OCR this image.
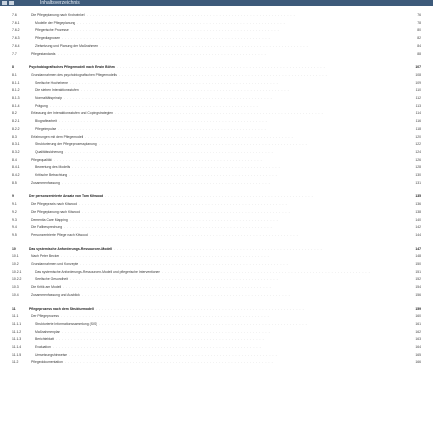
Inhaltsverzeichnis
7.6	Die Pflegeplanung nach Krohwinkel . . . . . . . . . . . . . . . . . . . . . . . . . . . . . . . . . . . . . . . . . . . . . . . . . . . . . . . . . . . . . . . . . . . .	76
7.6.1	Modelle der Pflegeplanung . . . . . . . . . . . . . . . . . . . . . . . . . . . . . . . . . . . . . . . . . . . . . . . . . . . . . . . . . . . . . . . . . . . .	78
7.6.2	Pflegerische Prozesse . . . . . . . . . . . . . . . . . . . . . . . . . . . . . . . . . . . . . . . . . . . . . . . . . . . . . . . . . . . . . . . . . . . .	80
7.6.3	Pflegediagnosen . . . . . . . . . . . . . . . . . . . . . . . . . . . . . . . . . . . . . . . . . . . . . . . . . . . . . . . . . . . . . . . . . . . .	82
7.6.4	Zielsetzung und Planung der Maßnahmen . . . . . . . . . . . . . . . . . . . . . . . . . . . . . . . . . . . . . . . . . . . . . . . . . . . . . . . . . . . . . . . . . . . .	84
7.7	Pflegestandards . . . . . . . . . . . . . . . . . . . . . . . . . . . . . . . . . . . . . . . . . . . . . . . . . . . . . . . . . . . . . . . . . . . .	88
8	Psychobiografisches Pflegemodell nach Erwin Böhm . . . . . . . . . . . . . . . . . . . . . . . . . . . . . . . . . . . . . . . . . . . . . . . . . . . . . . . . . . . . . . . . . . . .	107
8.1	Grundannahmen des psychobiografischen Pflegemodells . . . . . . . . . . . . . . . . . . . . . . . . . . . . . . . . . . . . . . . . . . . . . . . . . . . . . . . . . . . . . . . . . . . .	108
8.1.1	Seelische Hochebene . . . . . . . . . . . . . . . . . . . . . . . . . . . . . . . . . . . . . . . . . . . . . . . . . . . . . . . . . . . . . . . . . . . .	109
8.1.2	Die sieben Interaktionsstufen . . . . . . . . . . . . . . . . . . . . . . . . . . . . . . . . . . . . . . . . . . . . . . . . . . . . . . . . . . . . . . . . . . . .	110
8.1.3	Normalitätsprinzip . . . . . . . . . . . . . . . . . . . . . . . . . . . . . . . . . . . . . . . . . . . . . . . . . . . . . . . . . . . . . . . . . . . .	112
8.1.4	Prägung . . . . . . . . . . . . . . . . . . . . . . . . . . . . . . . . . . . . . . . . . . . . . . . . . . . . . . . . . . . . . . . . . . . .	113
8.2	Erfassung der Interaktionsstufen und Copingstrategien . . . . . . . . . . . . . . . . . . . . . . . . . . . . . . . . . . . . . . . . . . . . . . . . . . . . . . . . . . . . . . . . . . . .	114
8.2.1	Biografiearbeit . . . . . . . . . . . . . . . . . . . . . . . . . . . . . . . . . . . . . . . . . . . . . . . . . . . . . . . . . . . . . . . . . . . .	116
8.2.2	Pflegeimpulse . . . . . . . . . . . . . . . . . . . . . . . . . . . . . . . . . . . . . . . . . . . . . . . . . . . . . . . . . . . . . . . . . . . .	118
8.3	Erfahrungen mit dem Pflegemodell . . . . . . . . . . . . . . . . . . . . . . . . . . . . . . . . . . . . . . . . . . . . . . . . . . . . . . . . . . . . . . . . . . . .	120
8.3.1	Strukturierung der Pflegeprozessplanung . . . . . . . . . . . . . . . . . . . . . . . . . . . . . . . . . . . . . . . . . . . . . . . . . . . . . . . . . . . . . . . . . . . .	122
8.3.2	Qualitätssicherung . . . . . . . . . . . . . . . . . . . . . . . . . . . . . . . . . . . . . . . . . . . . . . . . . . . . . . . . . . . . . . . . . . . .	124
8.4	Pflegequalität . . . . . . . . . . . . . . . . . . . . . . . . . . . . . . . . . . . . . . . . . . . . . . . . . . . . . . . . . . . . . . . . . . . .	126
8.4.1	Bewertung des Modells . . . . . . . . . . . . . . . . . . . . . . . . . . . . . . . . . . . . . . . . . . . . . . . . . . . . . . . . . . . . . . . . . . . .	128
8.4.2	Kritische Betrachtung . . . . . . . . . . . . . . . . . . . . . . . . . . . . . . . . . . . . . . . . . . . . . . . . . . . . . . . . . . . . . . . . . . . .	130
8.5	Zusammenfassung . . . . . . . . . . . . . . . . . . . . . . . . . . . . . . . . . . . . . . . . . . . . . . . . . . . . . . . . . . . . . . . . . . . .	131
9	Der personzentrierte Ansatz von Tom Kitwood . . . . . . . . . . . . . . . . . . . . . . . . . . . . . . . . . . . . . . . . . . . . . . . . . . . . . . . . . . . . . . . . . . . .	135
9.1	Die Pflegepraxis nach Kitwood . . . . . . . . . . . . . . . . . . . . . . . . . . . . . . . . . . . . . . . . . . . . . . . . . . . . . . . . . . . . . . . . . . . .	136
9.2	Die Pflegeplanung nach Kitwood . . . . . . . . . . . . . . . . . . . . . . . . . . . . . . . . . . . . . . . . . . . . . . . . . . . . . . . . . . . . . . . . . . . .	138
9.3	Dementia Care Mapping . . . . . . . . . . . . . . . . . . . . . . . . . . . . . . . . . . . . . . . . . . . . . . . . . . . . . . . . . . . . . . . . . . . .	140
9.4	Die Fallbesprechung . . . . . . . . . . . . . . . . . . . . . . . . . . . . . . . . . . . . . . . . . . . . . . . . . . . . . . . . . . . . . . . . . . . .	142
9.5	Personzentrierte Pflege nach Kitwood . . . . . . . . . . . . . . . . . . . . . . . . . . . . . . . . . . . . . . . . . . . . . . . . . . . . . . . . . . . . . . . . . . . .	144
10	Das systemische Anforderungs-Ressourcen-Modell . . . . . . . . . . . . . . . . . . . . . . . . . . . . . . . . . . . . . . . . . . . . . . . . . . . . . . . . . . . . . . . . . . . .	147
10.1	Nach Peter Becker . . . . . . . . . . . . . . . . . . . . . . . . . . . . . . . . . . . . . . . . . . . . . . . . . . . . . . . . . . . . . . . . . . . .	148
10.2	Grundannahmen und Konzepte . . . . . . . . . . . . . . . . . . . . . . . . . . . . . . . . . . . . . . . . . . . . . . . . . . . . . . . . . . . . . . . . . . . .	150
10.2.1	Das systemische Anforderungs-Ressourcen-Modell und pflegerische Interventionen . . . . . . . . . . . . . . . . . . . . . . . . . . . . . . . . . . . . . . . . . . . . . . . . . . . . . . . . . . . . . . . . . . . .	151
10.2.2	Seelische Gesundheit . . . . . . . . . . . . . . . . . . . . . . . . . . . . . . . . . . . . . . . . . . . . . . . . . . . . . . . . . . . . . . . . . . . .	152
10.3	Die Kritik am Modell . . . . . . . . . . . . . . . . . . . . . . . . . . . . . . . . . . . . . . . . . . . . . . . . . . . . . . . . . . . . . . . . . . . .	154
10.4	Zusammenfassung und Ausblick . . . . . . . . . . . . . . . . . . . . . . . . . . . . . . . . . . . . . . . . . . . . . . . . . . . . . . . . . . . . . . . . . . . .	156
11	Pflegeprozess nach dem Strukturmodell . . . . . . . . . . . . . . . . . . . . . . . . . . . . . . . . . . . . . . . . . . . . . . . . . . . . . . . . . . . . . . . . . . . .	159
11.1	Der Pflegeprozess . . . . . . . . . . . . . . . . . . . . . . . . . . . . . . . . . . . . . . . . . . . . . . . . . . . . . . . . . . . . . . . . . . . .	160
11.1.1	Strukturierte Informationssammlung (SIS) . . . . . . . . . . . . . . . . . . . . . . . . . . . . . . . . . . . . . . . . . . . . . . . . . . . . . . . . . . . . . . . . . . . .	161
11.1.2	Maßnahmenplan . . . . . . . . . . . . . . . . . . . . . . . . . . . . . . . . . . . . . . . . . . . . . . . . . . . . . . . . . . . . . . . . . . . .	162
11.1.3	Berichteblatt . . . . . . . . . . . . . . . . . . . . . . . . . . . . . . . . . . . . . . . . . . . . . . . . . . . . . . . . . . . . . . . . . . . .	163
11.1.4	Evaluation . . . . . . . . . . . . . . . . . . . . . . . . . . . . . . . . . . . . . . . . . . . . . . . . . . . . . . . . . . . . . . . . . . . .	164
11.1.5	Umsetzungshinweise . . . . . . . . . . . . . . . . . . . . . . . . . . . . . . . . . . . . . . . . . . . . . . . . . . . . . . . . . . . . . . . . . . . .	165
11.2	Pflegedokumentation . . . . . . . . . . . . . . . . . . . . . . . . . . . . . . . . . . . . . . . . . . . . . . . . . . . . . . . . . . . . . . . . . . . .	166
